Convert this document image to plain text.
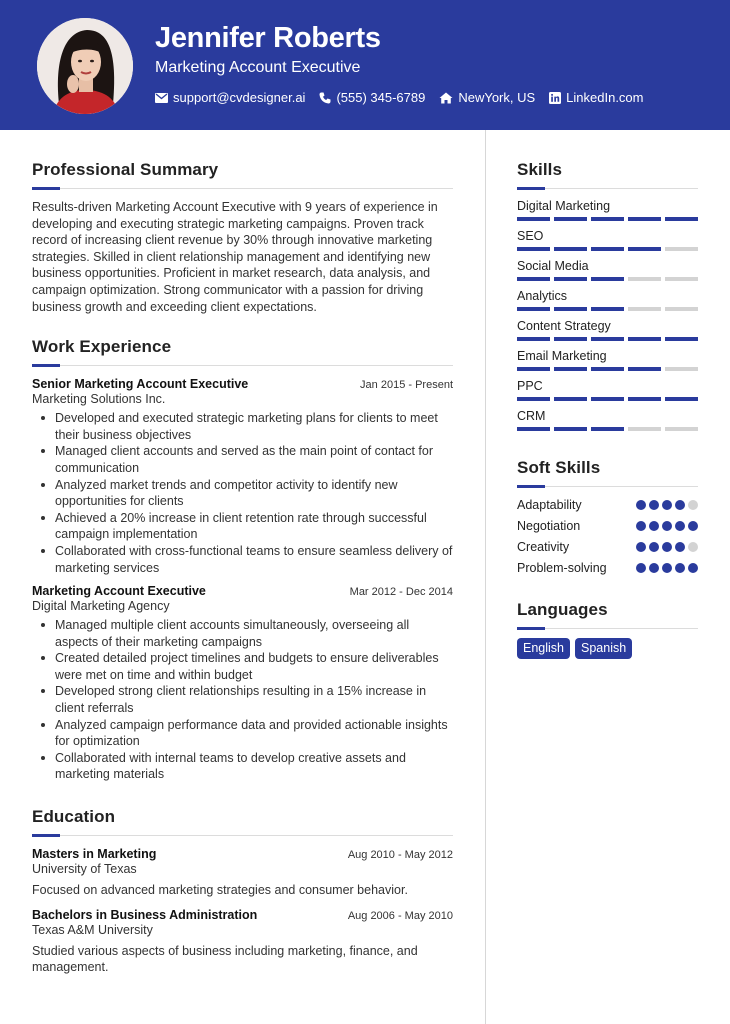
Jennifer Roberts
Marketing Account Executive
support@cvdesigner.ai (555) 345-6789	NewYork, US LinkedIn.com
Professional Summary
Results-driven Marketing Account Executive with 9 years of experience in developing and executing strategic marketing campaigns. Proven track record of increasing client revenue by 30% through innovative marketing strategies. Skilled in client relationship management and identifying new business opportunities. Proficient in market research, data analysis, and campaign optimization. Strong communicator with a passion for driving business growth and exceeding client expectations.
Work Experience
Senior Marketing Account Executive	Jan 2015 - Present
Marketing Solutions Inc.
Developed and executed strategic marketing plans for clients to meet their business objectives
Managed client accounts and served as the main point of contact for communication
Analyzed market trends and competitor activity to identify new opportunities for clients
Achieved a 20% increase in client retention rate through successful campaign implementation
Collaborated with cross-functional teams to ensure seamless delivery of marketing services
Marketing Account Executive	Mar 2012 - Dec 2014
Digital Marketing Agency
Managed multiple client accounts simultaneously, overseeing all aspects of their marketing campaigns
Created detailed project timelines and budgets to ensure deliverables were met on time and within budget
Developed strong client relationships resulting in a 15% increase in client referrals
Analyzed campaign performance data and provided actionable insights for optimization
Collaborated with internal teams to develop creative assets and marketing materials
Education
Masters in Marketing	Aug 2010 - May 2012
University of Texas
Focused on advanced marketing strategies and consumer behavior.
Bachelors in Business Administration	Aug 2006 - May 2010
Texas A&M University
Studied various aspects of business including marketing, finance, and management.
Skills
Digital Marketing
SEO
Social Media
Analytics
Content Strategy
Email Marketing
PPC
CRM
Soft Skills
Adaptability
Negotiation
Creativity
Problem-solving
Languages
English	Spanish
